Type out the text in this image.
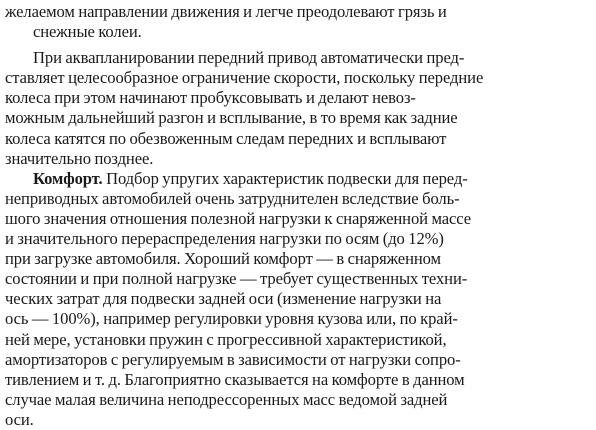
желаемом направлении движения и легче преодолевают грязь и
снежные колеи.

При аквапланировании передний привод автоматически пред-
ставляет целесообразное ограничение скорости, поскольку передние
колеса при этом начинают пробуксовывать и делают невоз-
можным дальнейший разгон и всплывание, в то время как задние
колеса катятся по обезвоженным следам передних и всплывают
значительно позднее.

Комфорт. Подбор упругих характеристик подвески для перед-
неприводных автомобилей очень затруднителен вследствие боль-
шого значения отношения полезной нагрузки к снаряженной массе
и значительного перераспределения нагрузки по осям (до 12%)
при загрузке автомобиля. Хороший комфорт — в снаряженном
состоянии и при полной нагрузке — требует существенных техни-
ческих затрат для подвески задней оси (изменение нагрузки на
ось — 100%), например регулировки уровня кузова или, по край-
ней мере, установки пружин с прогрессивной характеристикой,
амортизаторов с регулируемым в зависимости от нагрузки сопро-
тивлением и т. д. Благоприятно сказывается на комфорте в данном
случае малая величина неподрессоренных масс ведомой задней
оси.
